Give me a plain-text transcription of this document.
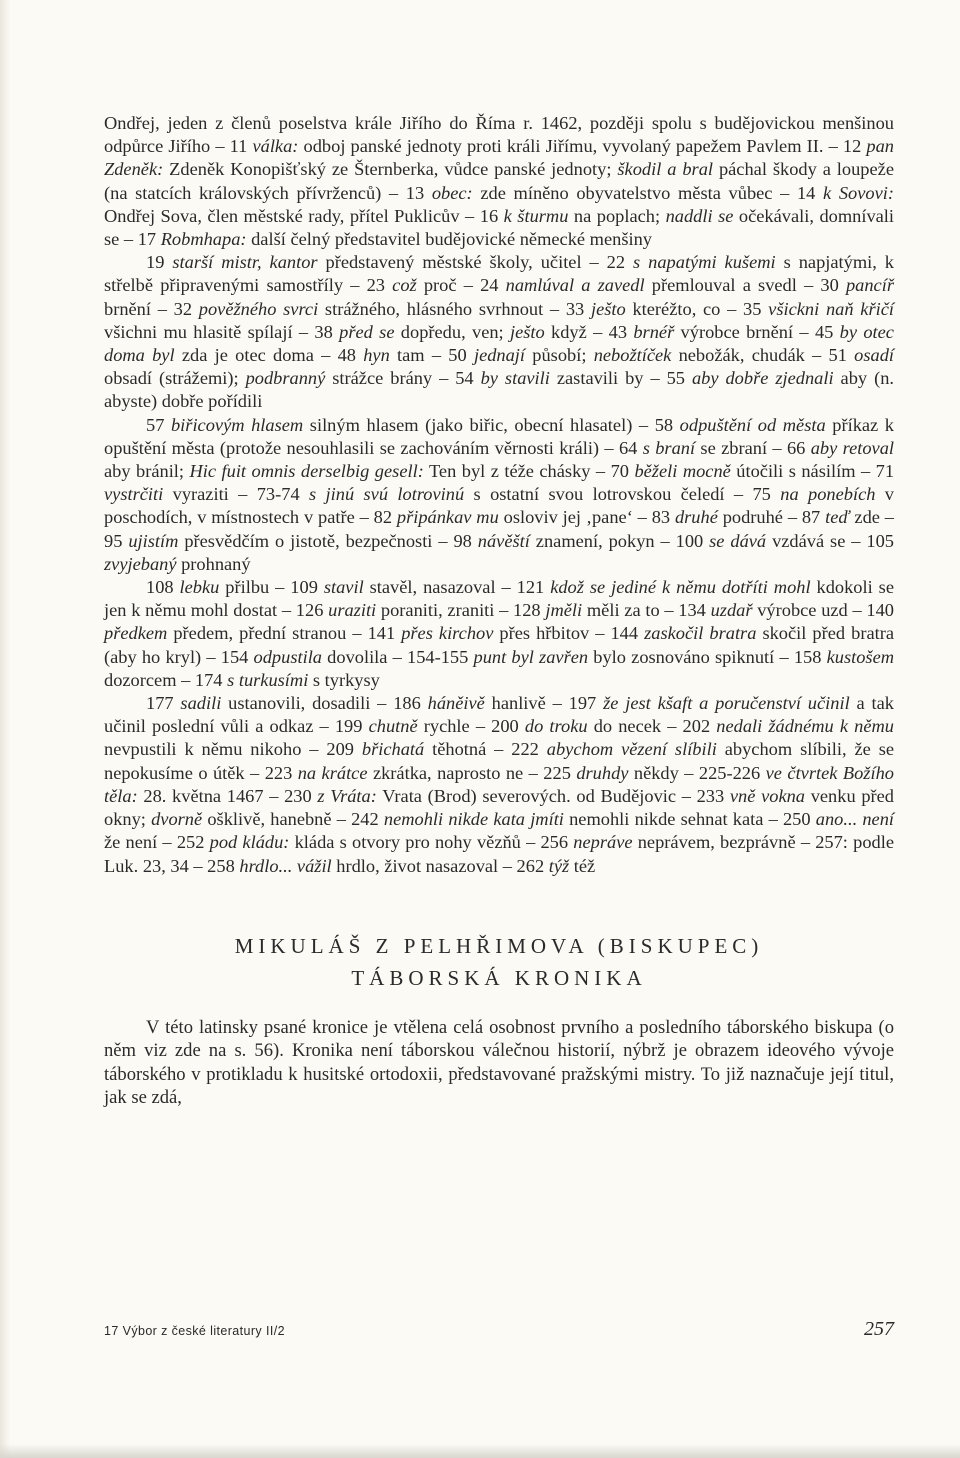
Ondřej, jeden z členů poselstva krále Jiřího do Říma r. 1462, později spolu s budějovickou menšinou odpůrce Jiřího – 11 válka: odboj panské jednoty proti králi Jiřímu, vyvolaný papežem Pavlem II. – 12 pan Zdeněk: Zdeněk Konopišťský ze Šternberka, vůdce panské jednoty; škodil a bral páchal škody a loupeže (na statcích královských přívrženců) – 13 obec: zde míněno obyvatelstvo města vůbec – 14 k Sovovi: Ondřej Sova, člen městské rady, přítel Puklicův – 16 k šturmu na poplach; naddli se očekávali, domnívali se – 17 Robmhapa: další čelný představitel budějovické německé menšiny

19 starší mistr, kantor představený městské školy, učitel – 22 s napatými kušemi s napjatými, k střelbě připravenými samostříly – 23 což proč – 24 namlúval a zavedl přemlouval a svedl – 30 pancíř brnění – 32 pověžného svrci strážného, hlásného svrhnout – 33 ješto kteréžto, co – 35 všickni naň křičí všichni mu hlasitě spílají – 38 před se dopředu, ven; ješto když – 43 brnéř výrobce brnění – 45 by otec doma byl zda je otec doma – 48 hyn tam – 50 jednají působí; nebožtíček nebožák, chudák – 51 osadí obsadí (strážemi); podbranný strážce brány – 54 by stavili zastavili by – 55 aby dobře zjednali aby (n. abyste) dobře pořídili

57 biřicovým hlasem silným hlasem (jako biřic, obecní hlasatel) – 58 odpuštění od města příkaz k opuštění města (protože nesouhlasili se zachováním věrnosti králi) – 64 s braní se zbraní – 66 aby retoval aby bránil; Hic fuit omnis derselbig gesell: Ten byl z téže chásky – 70 běželi mocně útočili s násilím – 71 vystrčiti vyraziti – 73-74 s jinú svú lotrovinú s ostatní svou lotrovskou čeledí – 75 na ponebích v poschodích, v místnostech v patře – 82 připánkav mu osloviv jej ‚pane‘ – 83 druhé podruhé – 87 teď zde – 95 ujistím přesvědčím o jistotě, bezpečnosti – 98 návěští znamení, pokyn – 100 se dává vzdává se – 105 zvyjebaný prohnaný

108 lebku přilbu – 109 stavil stavěl, nasazoval – 121 kdož se jediné k němu dotříti mohl kdokoli se jen k němu mohl dostat – 126 uraziti poraniti, zraniti – 128 jměli měli za to – 134 uzdař výrobce uzd – 140 předkem předem, přední stranou – 141 přes kirchov přes hřbitov – 144 zaskočil bratra skočil před bratra (aby ho kryl) – 154 odpustila dovolila – 154-155 punt byl zavřen bylo zosnováno spiknutí – 158 kustošem dozorcem – 174 s turkusími s tyrkysy

177 sadili ustanovili, dosadili – 186 háněivě hanlivě – 197 že jest kšaft a poručenství učinil a tak učinil poslední vůli a odkaz – 199 chutně rychle – 200 do troku do necek – 202 nedali žádnému k němu nevpustili k němu nikoho – 209 břichatá těhotná – 222 abychom vězení slíbili abychom slíbili, že se nepokusíme o útěk – 223 na krátce zkrátka, naprosto ne – 225 druhdy někdy – 225-226 ve čtvrtek Božího těla: 28. května 1467 – 230 z Vráta: Vrata (Brod) severových. od Budějovic – 233 vně vokna venku před okny; dvorně ošklivě, hanebně – 242 nemohli nikde kata jmíti nemohli nikde sehnat kata – 250 ano... není že není – 252 pod kládu: kláda s otvory pro nohy vězňů – 256 nepráve neprávem, bezprávně – 257: podle Luk. 23, 34 – 258 hrdlo... vážil hrdlo, život nasazoval – 262 týž též

MIKULÁŠ Z PELHŘIMOVA (BISKUPEC)
TÁBORSKÁ KRONIKA

V této latinsky psané kronice je vtělena celá osobnost prvního a posledního táborského biskupa (o něm viz zde na s. 56). Kronika není táborskou válečnou historií, nýbrž je obrazem ideového vývoje táborského v protikladu k husitské ortodoxii, představované pražskými mistry. To již naznačuje její titul, jak se zdá,

17 Výbor z české literatury II/2	257
